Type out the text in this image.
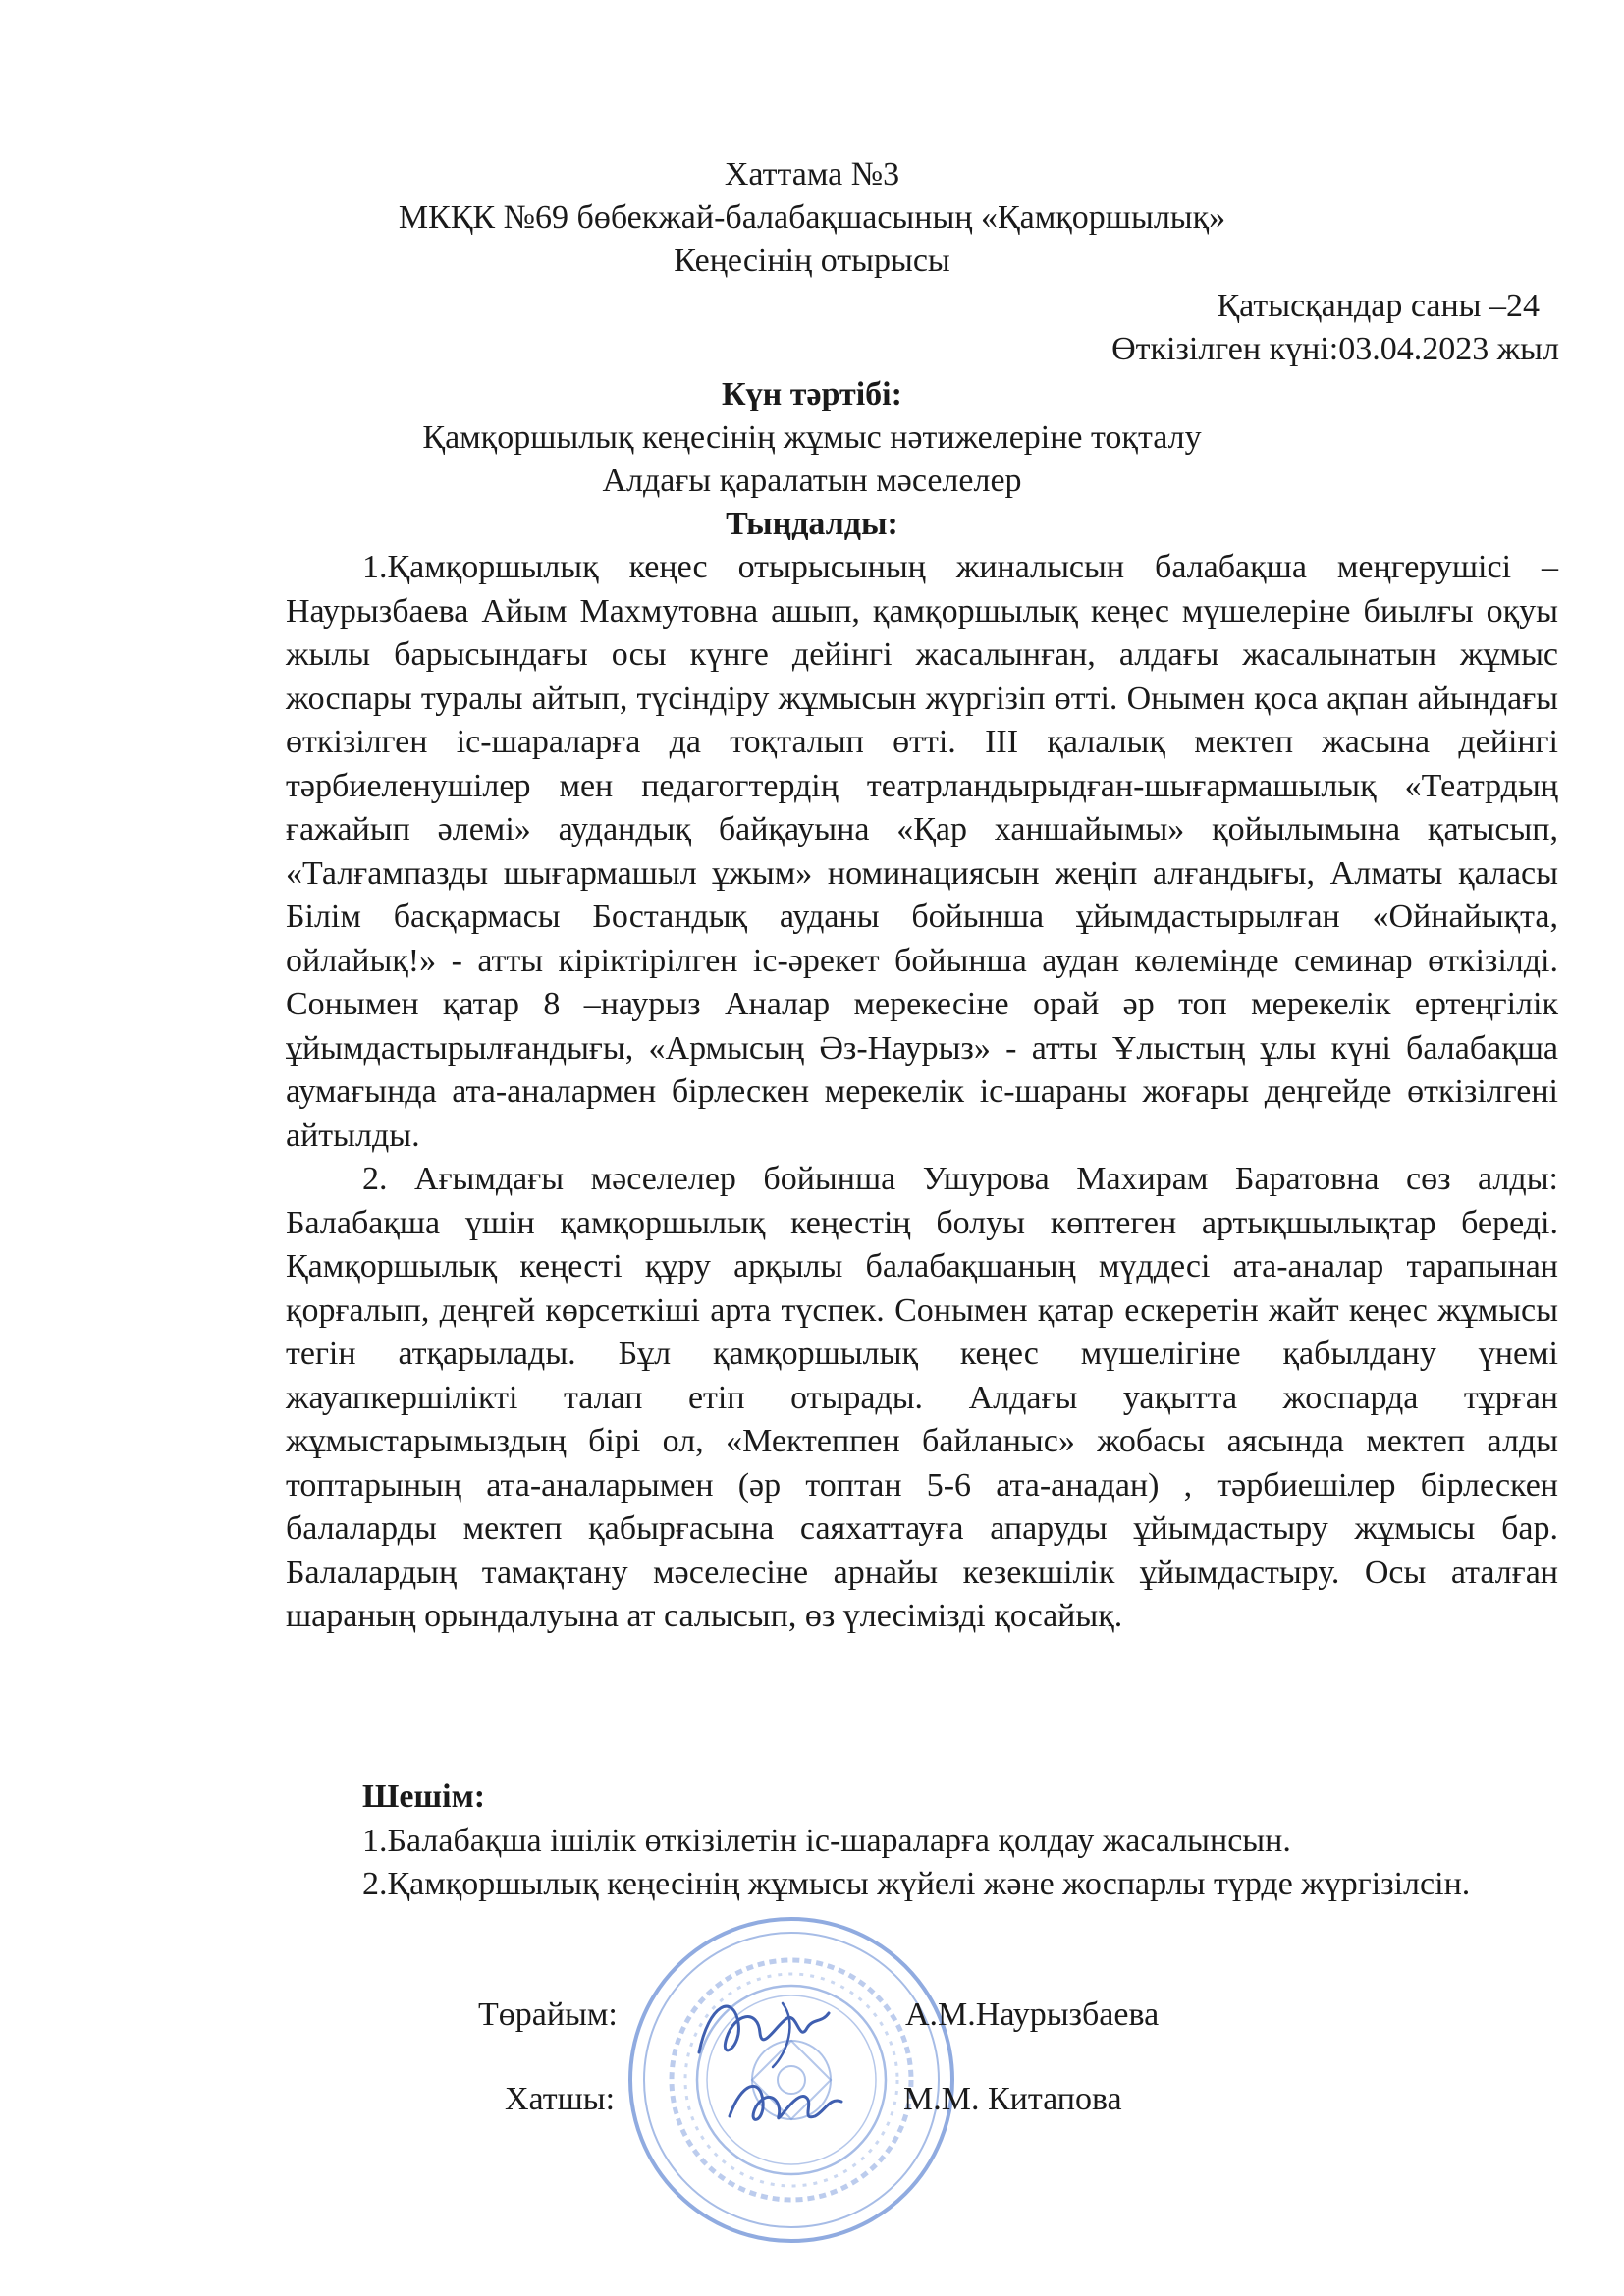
Хаттама №3
МКҚК №69 бөбекжай-балабақшасының «Қамқоршылық»
Кеңесінің отырысы
Қатысқандар саны –24
Өткізілген күні:03.04.2023 жыл
Күн тәртібі:
Қамқоршылық кеңесінің жұмыс нәтижелеріне тоқталу
Алдағы қаралатын мәселелер
Тыңдалды:

1.Қамқоршылық кеңес отырысының жиналысын балабақша меңгерушісі –Наурызбаева Айым Махмутовна ашып, қамқоршылық кеңес мүшелеріне биылғы оқуы жылы барысындағы осы күнге дейінгі жасалынған, алдағы жасалынатын жұмыс жоспары туралы айтып, түсіндіру жұмысын жүргізіп өтті. Онымен қоса ақпан айындағы өткізілген іс-шараларға да тоқталып өтті. ІІІ қалалық мектеп жасына дейінгі тәрбиеленушілер мен педагогтердің театрландырыдған-шығармашылық «Театрдың ғажайып әлемі» аудандық байқауына «Қар ханшайымы» қойылымына қатысып, «Талғампазды шығармашыл ұжым» номинациясын жеңіп алғандығы, Алматы қаласы Білім басқармасы Бостандық ауданы бойынша ұйымдастырылған «Ойнайықта, ойлайық!» - атты кіріктірілген іс-әрекет бойынша аудан көлемінде семинар өткізілді. Сонымен қатар 8 –наурыз Аналар мерекесіне орай әр топ мерекелік ертеңгілік ұйымдастырылғандығы, «Армысың Әз-Наурыз» - атты Ұлыстың ұлы күні балабақша аумағында ата-аналармен бірлескен мерекелік іс-шараны жоғары деңгейде өткізілгені айтылды.

2. Ағымдағы мәселелер бойынша Ушурова Махирам Баратовна сөз алды: Балабақша үшін қамқоршылық кеңестің болуы көптеген артықшылықтар береді. Қамқоршылық кеңесті құру арқылы балабақшаның мүддесі ата-аналар тарапынан қорғалып, деңгей көрсеткіші арта түспек. Сонымен қатар ескеретін жайт кеңес жұмысы тегін атқарылады. Бұл қамқоршылық кеңес мүшелігіне қабылдану үнемі жауапкершілікті талап етіп отырады. Алдағы уақытта жоспарда тұрған жұмыстарымыздың бірі ол, «Мектеппен байланыс» жобасы аясында мектеп алды топтарының ата-аналарымен (әр топтан 5-6 ата-анадан) , тәрбиешілер бірлескен балаларды мектеп қабырғасына саяхаттауға апаруды ұйымдастыру жұмысы бар. Балалардың тамақтану мәселесіне арнайы кезекшілік ұйымдастыру. Осы аталған шараның орындалуына ат салысып, өз үлесімізді қосайық.

Шешім:

1.Балабақша ішілік өткізілетін іс-шараларға қолдау жасалынсын.

2.Қамқоршылық кеңесінің жұмысы жүйелі және жоспарлы түрде жүргізілсін.

Төрайым:	А.М.Наурызбаева
Хатшы:	М.М. Китапова
